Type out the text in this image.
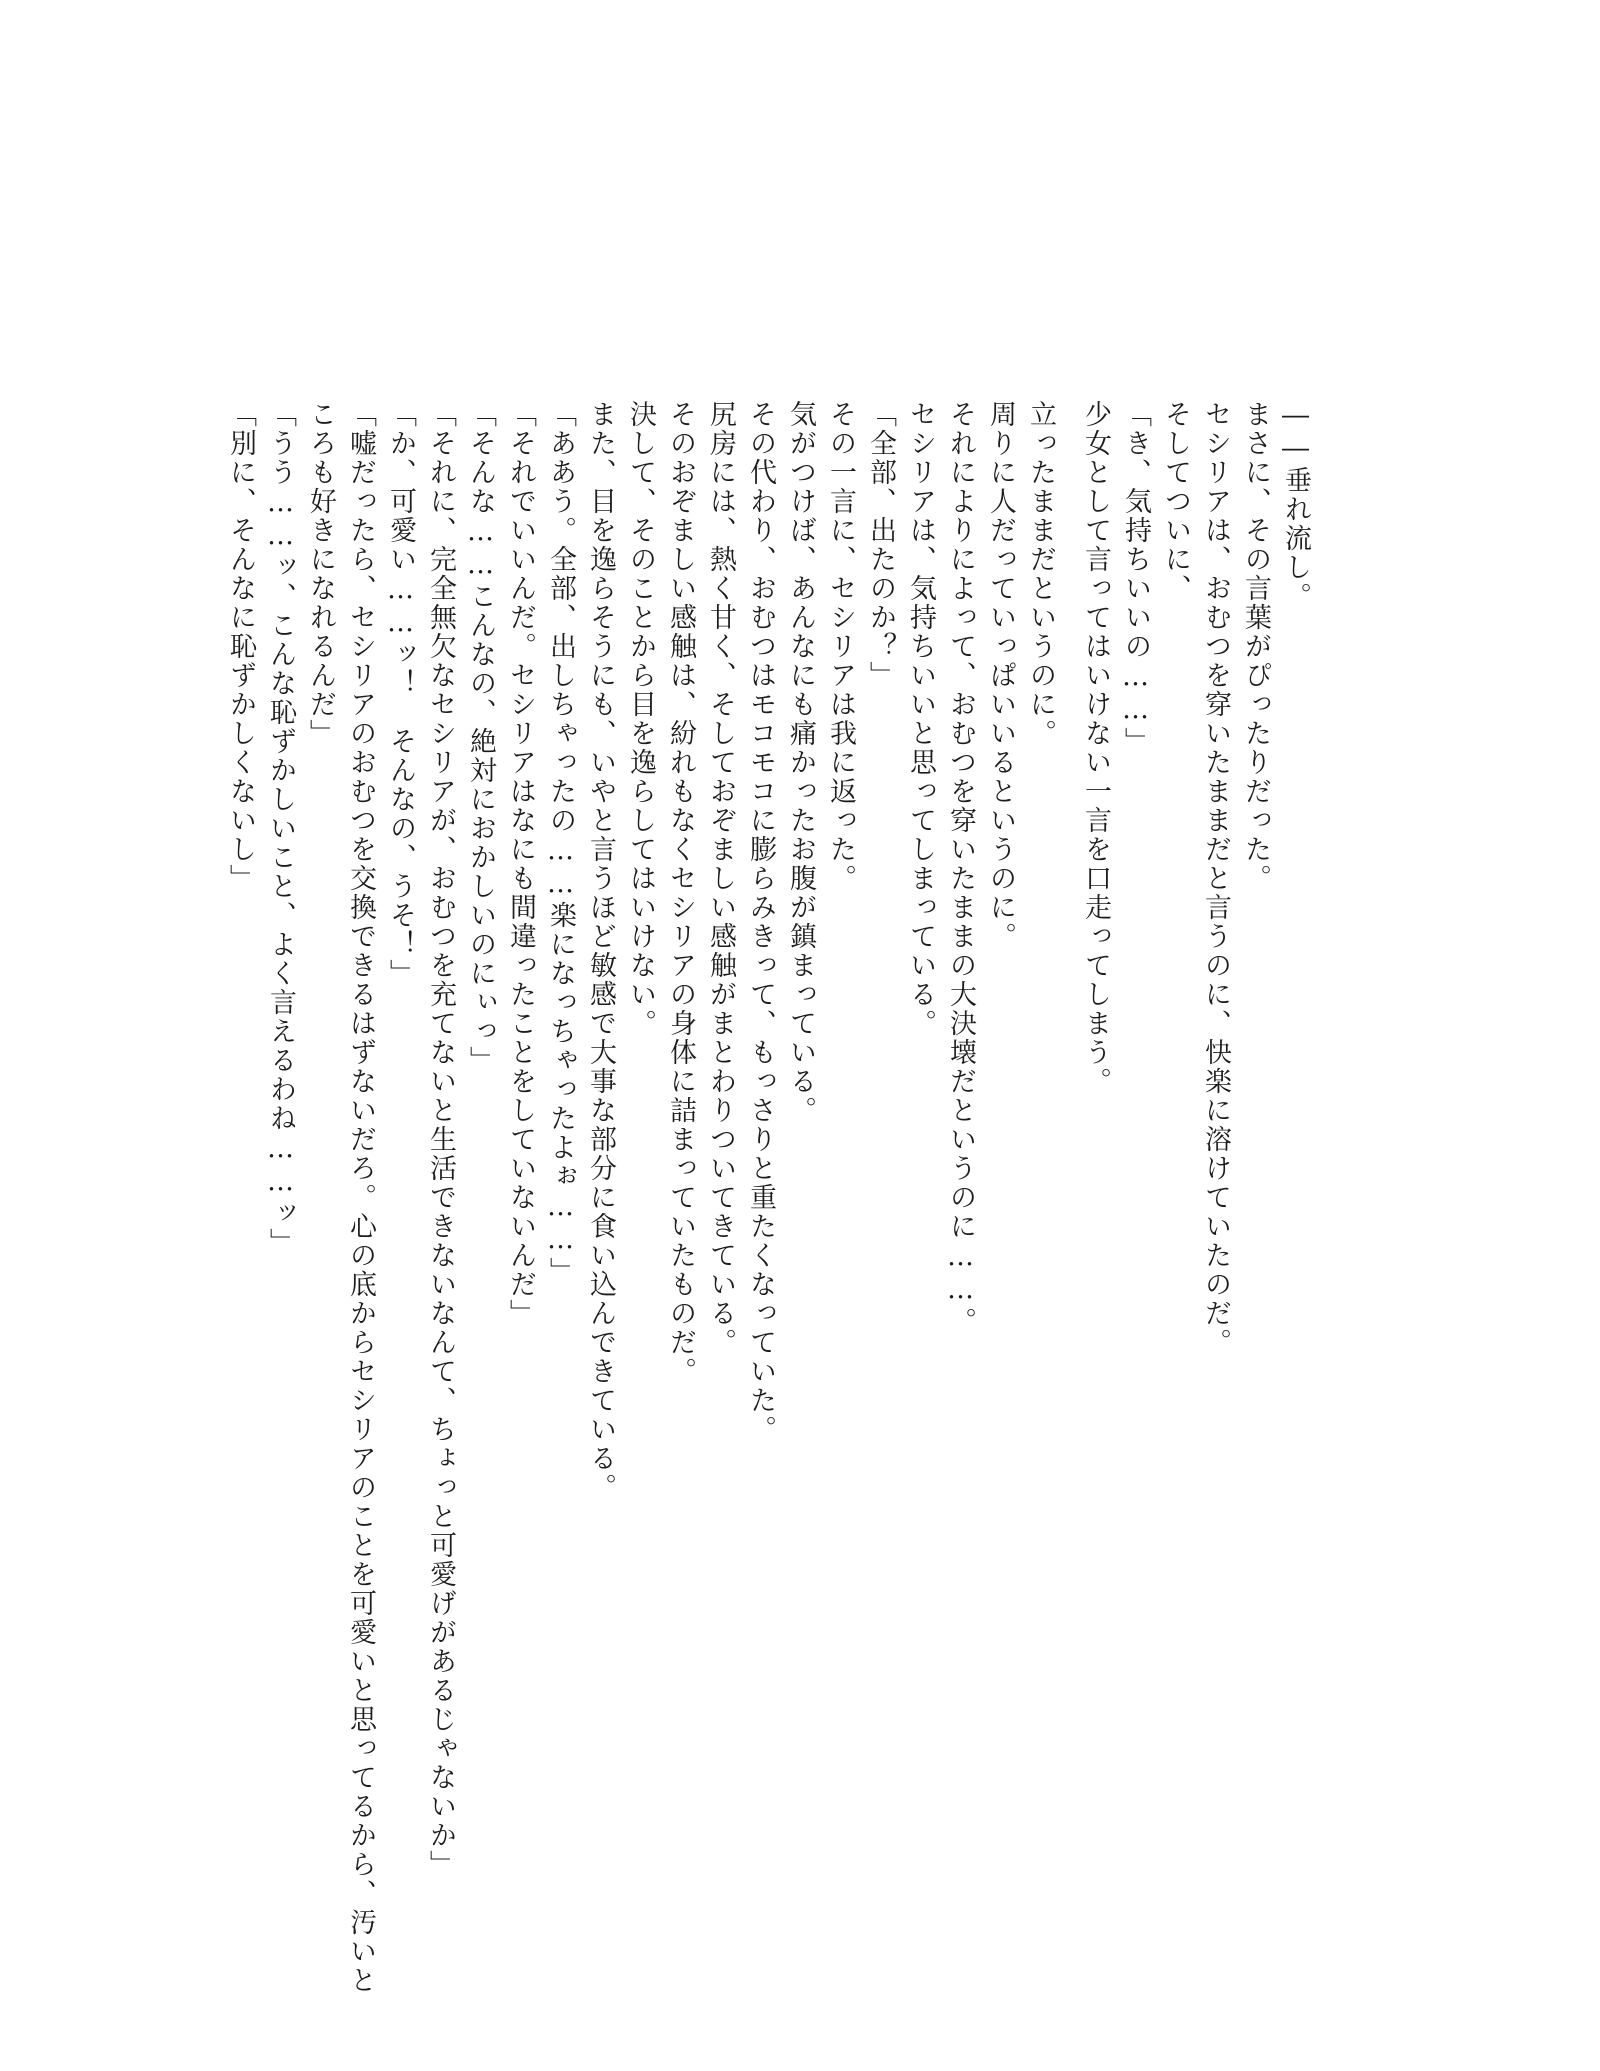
――垂れ流し。
まさに、その言葉がぴったりだった。
セシリアは、おむつを穿いたままだと言うのに、快楽に溶けていたのだ。
そしてついに、
「き、気持ちいいの……」
少女として言ってはいけない一言を口走ってしまう。
立ったままだというのに。
周りに人だっていっぱいいるというのに。
それによりによって、おむつを穿いたままの大決壊だというのに……。
セシリアは、気持ちいいと思ってしまっている。
「全部、出たのか？」
その一言に、セシリアは我に返った。
気がつけば、あんなにも痛かったお腹が鎮まっている。
その代わり、おむつはモコモコに膨らみきって、もっさりと重たくなっていた。
尻房には、熱く甘く、そしておぞましい感触がまとわりついてきている。
そのおぞましい感触は、紛れもなくセシリアの身体に詰まっていたものだ。
決して、そのことから目を逸らしてはいけない。
また、目を逸らそうにも、いやと言うほど敏感で大事な部分に食い込んできている。
「ああう。全部、出しちゃったの……楽になっちゃったよぉ……」
「それでいいんだ。セシリアはなにも間違ったことをしていないんだ」
「そんな……こんなの、絶対におかしいのにぃっ」
「それに、完全無欠なセシリアが、おむつを充てないと生活できないなんて、ちょっと可愛げがあるじゃないか」
「か、可愛い……ッ！　そんなの、うそ！」
「嘘だったら、セシリアのおむつを交換できるはずないだろ。心の底からセシリアのことを可愛いと思ってるから、汚いと
ころも好きになれるんだ」
「うう……ッ、こんな恥ずかしいこと、よく言えるわね……ッ」
「別に、そんなに恥ずかしくないし」
